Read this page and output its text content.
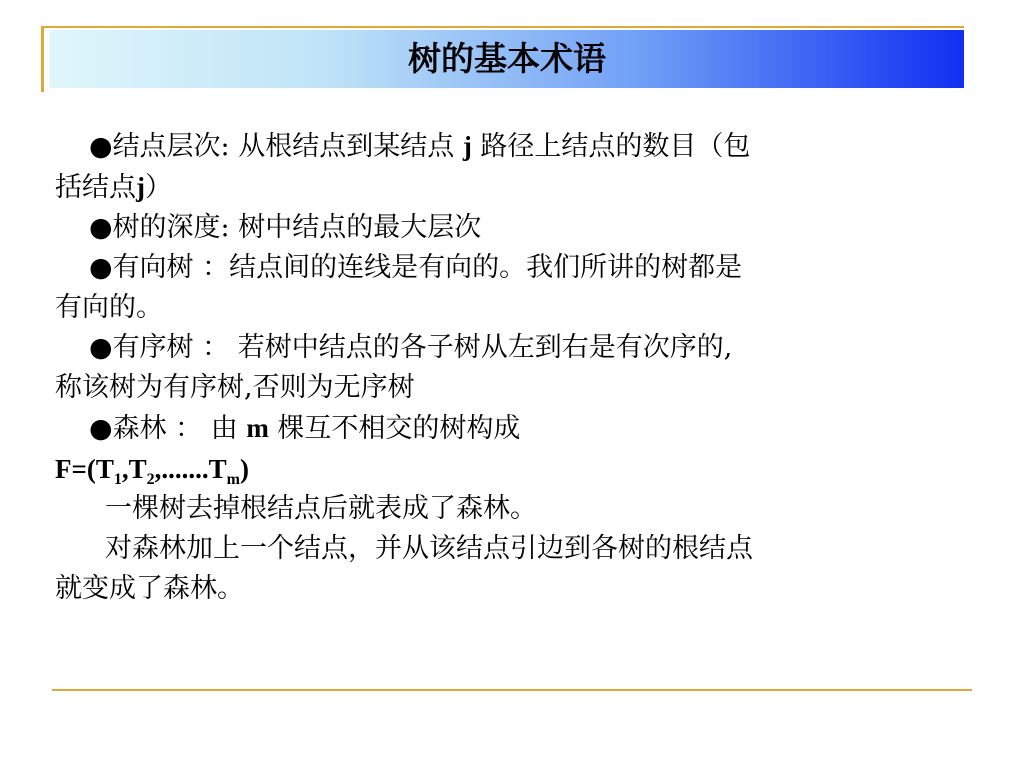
树的基本术语

●结点层次: 从根结点到某结点 j 路径上结点的数目（包

括结点j）

●树的深度: 树中结点的最大层次

●有向树 ：结点间的连线是有向的。我们所讲的树都是

有向的。

●有序树 ： 若树中结点的各子树从左到右是有次序的,

称该树为有序树,否则为无序树

●森林 ： 由 m 棵互不相交的树构成

$F=(T_1,T_2,.......T_m)$

一棵树去掉根结点后就表成了森林。

对森林加上一个结点，并从该结点引边到各树的根结点

就变成了森林。
